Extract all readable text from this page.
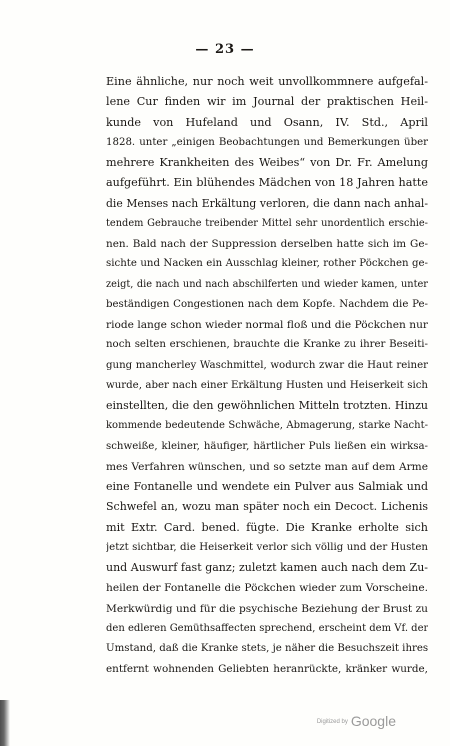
— 23 —
Eine ähnliche, nur noch weit unvollkommnere aufgefal-
lene Cur finden wir im Journal der praktischen Heil-
kunde von Hufeland und Osann, IV. Std., April
1828. unter „einigen Beobachtungen und Bemerkungen über
mehrere Krankheiten des Weibes“ von Dr. Fr. Amelung
aufgeführt. Ein blühendes Mädchen von 18 Jahren hatte
die Menses nach Erkältung verloren, die dann nach anhal-
tendem Gebrauche treibender Mittel sehr unordentlich erschie-
nen. Bald nach der Suppression derselben hatte sich im Ge-
sichte und Nacken ein Ausschlag kleiner, rother Pöckchen ge-
zeigt, die nach und nach abschilferten und wieder kamen, unter
beständigen Congestionen nach dem Kopfe. Nachdem die Pe-
riode lange schon wieder normal floß und die Pöckchen nur
noch selten erschienen, brauchte die Kranke zu ihrer Beseiti-
gung mancherley Waschmittel, wodurch zwar die Haut reiner
wurde, aber nach einer Erkältung Husten und Heiserkeit sich
einstellten, die den gewöhnlichen Mitteln trotzten. Hinzu
kommende bedeutende Schwäche, Abmagerung, starke Nacht-
schweiße, kleiner, häufiger, härtlicher Puls ließen ein wirksa-
mes Verfahren wünschen, und so setzte man auf dem Arme
eine Fontanelle und wendete ein Pulver aus Salmiak und
Schwefel an, wozu man später noch ein Decoct. Lichenis
mit Extr. Card. bened. fügte. Die Kranke erholte sich
jetzt sichtbar, die Heiserkeit verlor sich völlig und der Husten
und Auswurf fast ganz; zuletzt kamen auch nach dem Zu-
heilen der Fontanelle die Pöckchen wieder zum Vorscheine.
Merkwürdig und für die psychische Beziehung der Brust zu
den edleren Gemüthsaffecten sprechend, erscheint dem Vf. der
Umstand, daß die Kranke stets, je näher die Besuchszeit ihres
entfernt wohnenden Geliebten heranrückte, kränker wurde,
Digitized by Google
